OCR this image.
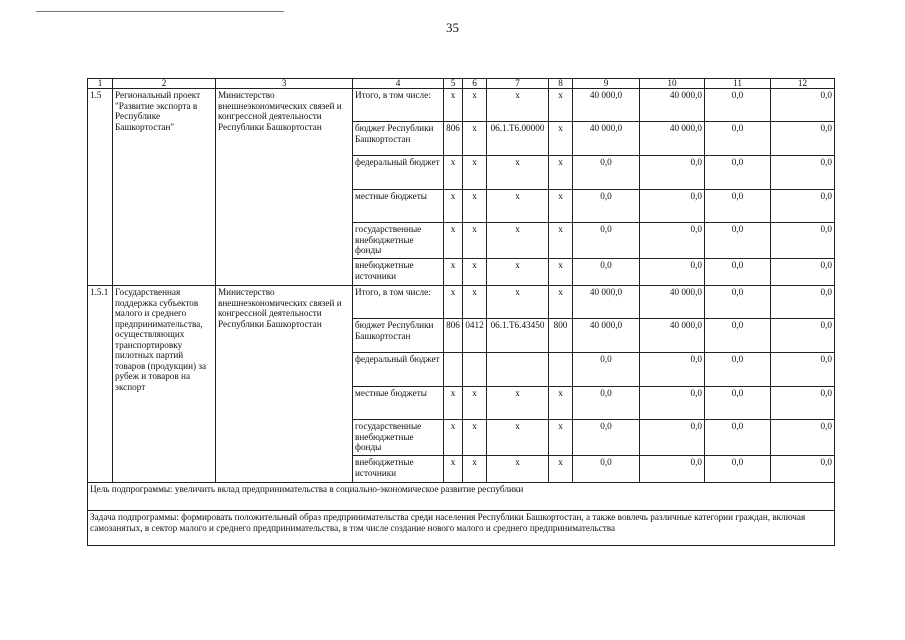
35
1	2	3	4	5	6	7	8	9	10	11	12
1.5	Региональный проект "Развитие экспорта в Республике Башкортостан"	Министерство внешнеэкономических связей и конгрессной деятельности Республики Башкортостан	Итого, в том числе:	х	х	х	х	40 000,0	40 000,0	0,0	0,0
			бюджет Республики Башкортостан	806	х	06.1.Т6.00000	х	40 000,0	40 000,0	0,0	0,0
			федеральный бюджет	х	х	х	х	0,0	0,0	0,0	0,0
			местные бюджеты	х	х	х	х	0,0	0,0	0,0	0,0
			государственные внебюджетные фонды	х	х	х	х	0,0	0,0	0,0	0,0
			внебюджетные источники	х	х	х	х	0,0	0,0	0,0	0,0
1.5.1	Государственная поддержка субъектов малого и среднего предпринимательства, осуществляющих транспортировку пилотных партий товаров (продукции) за рубеж и товаров на экспорт	Министерство внешнеэкономических связей и конгрессной деятельности Республики Башкортостан	Итого, в том числе:	х	х	х	х	40 000,0	40 000,0	0,0	0,0
			бюджет Республики Башкортостан	806	0412	06.1.Т6.43450	800	40 000,0	40 000,0	0,0	0,0
			федеральный бюджет					0,0	0,0	0,0	0,0
			местные бюджеты	х	х	х	х	0,0	0,0	0,0	0,0
			государственные внебюджетные фонды	х	х	х	х	0,0	0,0	0,0	0,0
			внебюджетные источники	х	х	х	х	0,0	0,0	0,0	0,0
Цель подпрограммы: увеличить вклад предпринимательства в социально-экономическое развитие республики											
Задача подпрограммы: формировать положительный образ предпринимательства среди населения Республики Башкортостан, а также вовлечь различные категории граждан, включая самозанятых, в сектор малого и среднего предпринимательства, в том числе создание нового малого и среднего предпринимательства											
